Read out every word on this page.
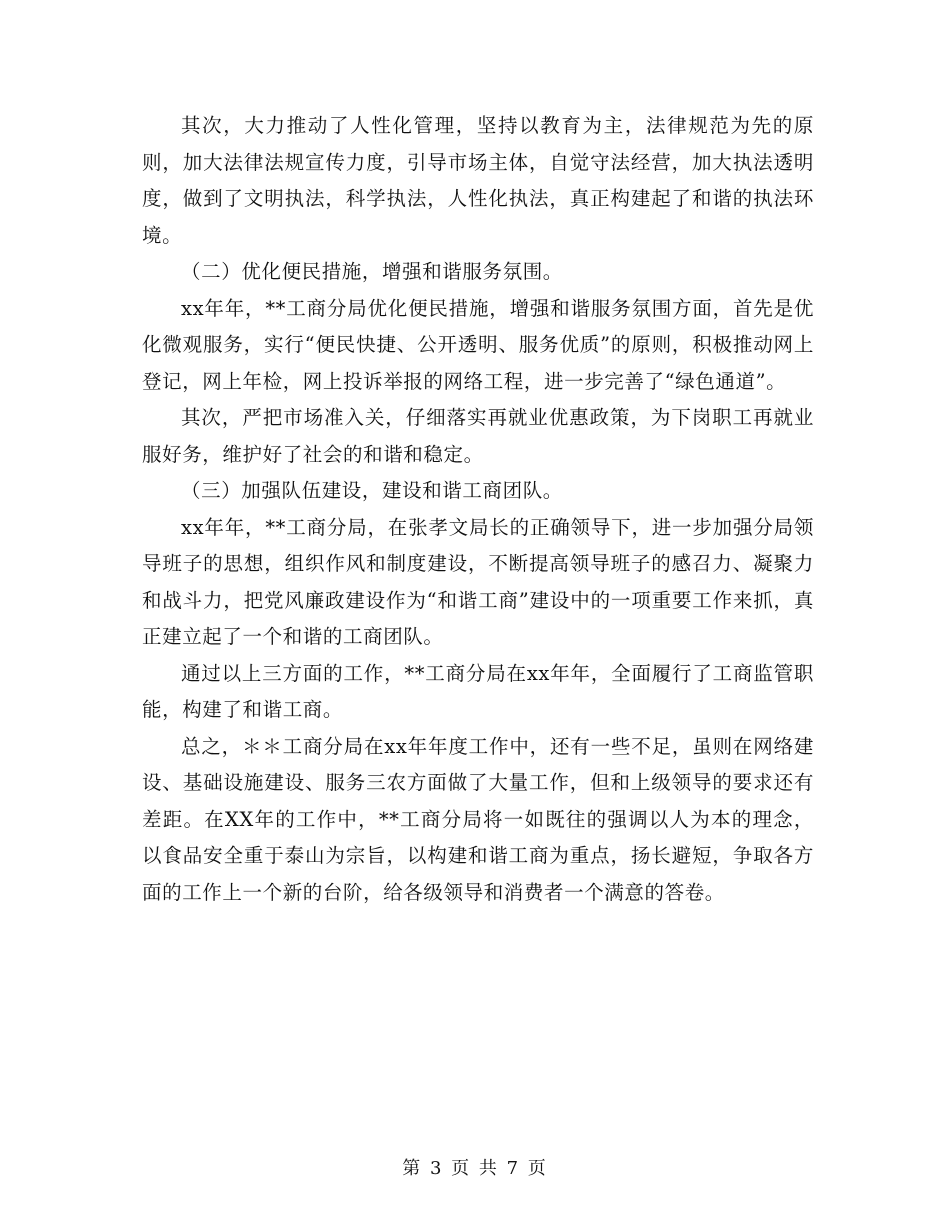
其次，大力推动了人性化管理，坚持以教育为主，法律规范为先的原则，加大法律法规宣传力度，引导市场主体，自觉守法经营，加大执法透明度，做到了文明执法，科学执法，人性化执法，真正构建起了和谐的执法环境。

（二）优化便民措施，增强和谐服务氛围。

xx年年，**工商分局优化便民措施，增强和谐服务氛围方面，首先是优化微观服务，实行“便民快捷、公开透明、服务优质”的原则，积极推动网上登记，网上年检，网上投诉举报的网络工程，进一步完善了“绿色通道”。

其次，严把市场准入关，仔细落实再就业优惠政策，为下岗职工再就业服好务，维护好了社会的和谐和稳定。

（三）加强队伍建设，建设和谐工商团队。

xx年年，**工商分局，在张孝文局长的正确领导下，进一步加强分局领导班子的思想，组织作风和制度建设，不断提高领导班子的感召力、凝聚力和战斗力，把党风廉政建设作为“和谐工商”建设中的一项重要工作来抓，真正建立起了一个和谐的工商团队。

通过以上三方面的工作，**工商分局在xx年年，全面履行了工商监管职能，构建了和谐工商。

总之，＊＊工商分局在xx年年度工作中，还有一些不足，虽则在网络建设、基础设施建设、服务三农方面做了大量工作，但和上级领导的要求还有差距。在XX年的工作中，**工商分局将一如既往的强调以人为本的理念，以食品安全重于泰山为宗旨，以构建和谐工商为重点，扬长避短，争取各方面的工作上一个新的台阶，给各级领导和消费者一个满意的答卷。

第 3 页 共 7 页
